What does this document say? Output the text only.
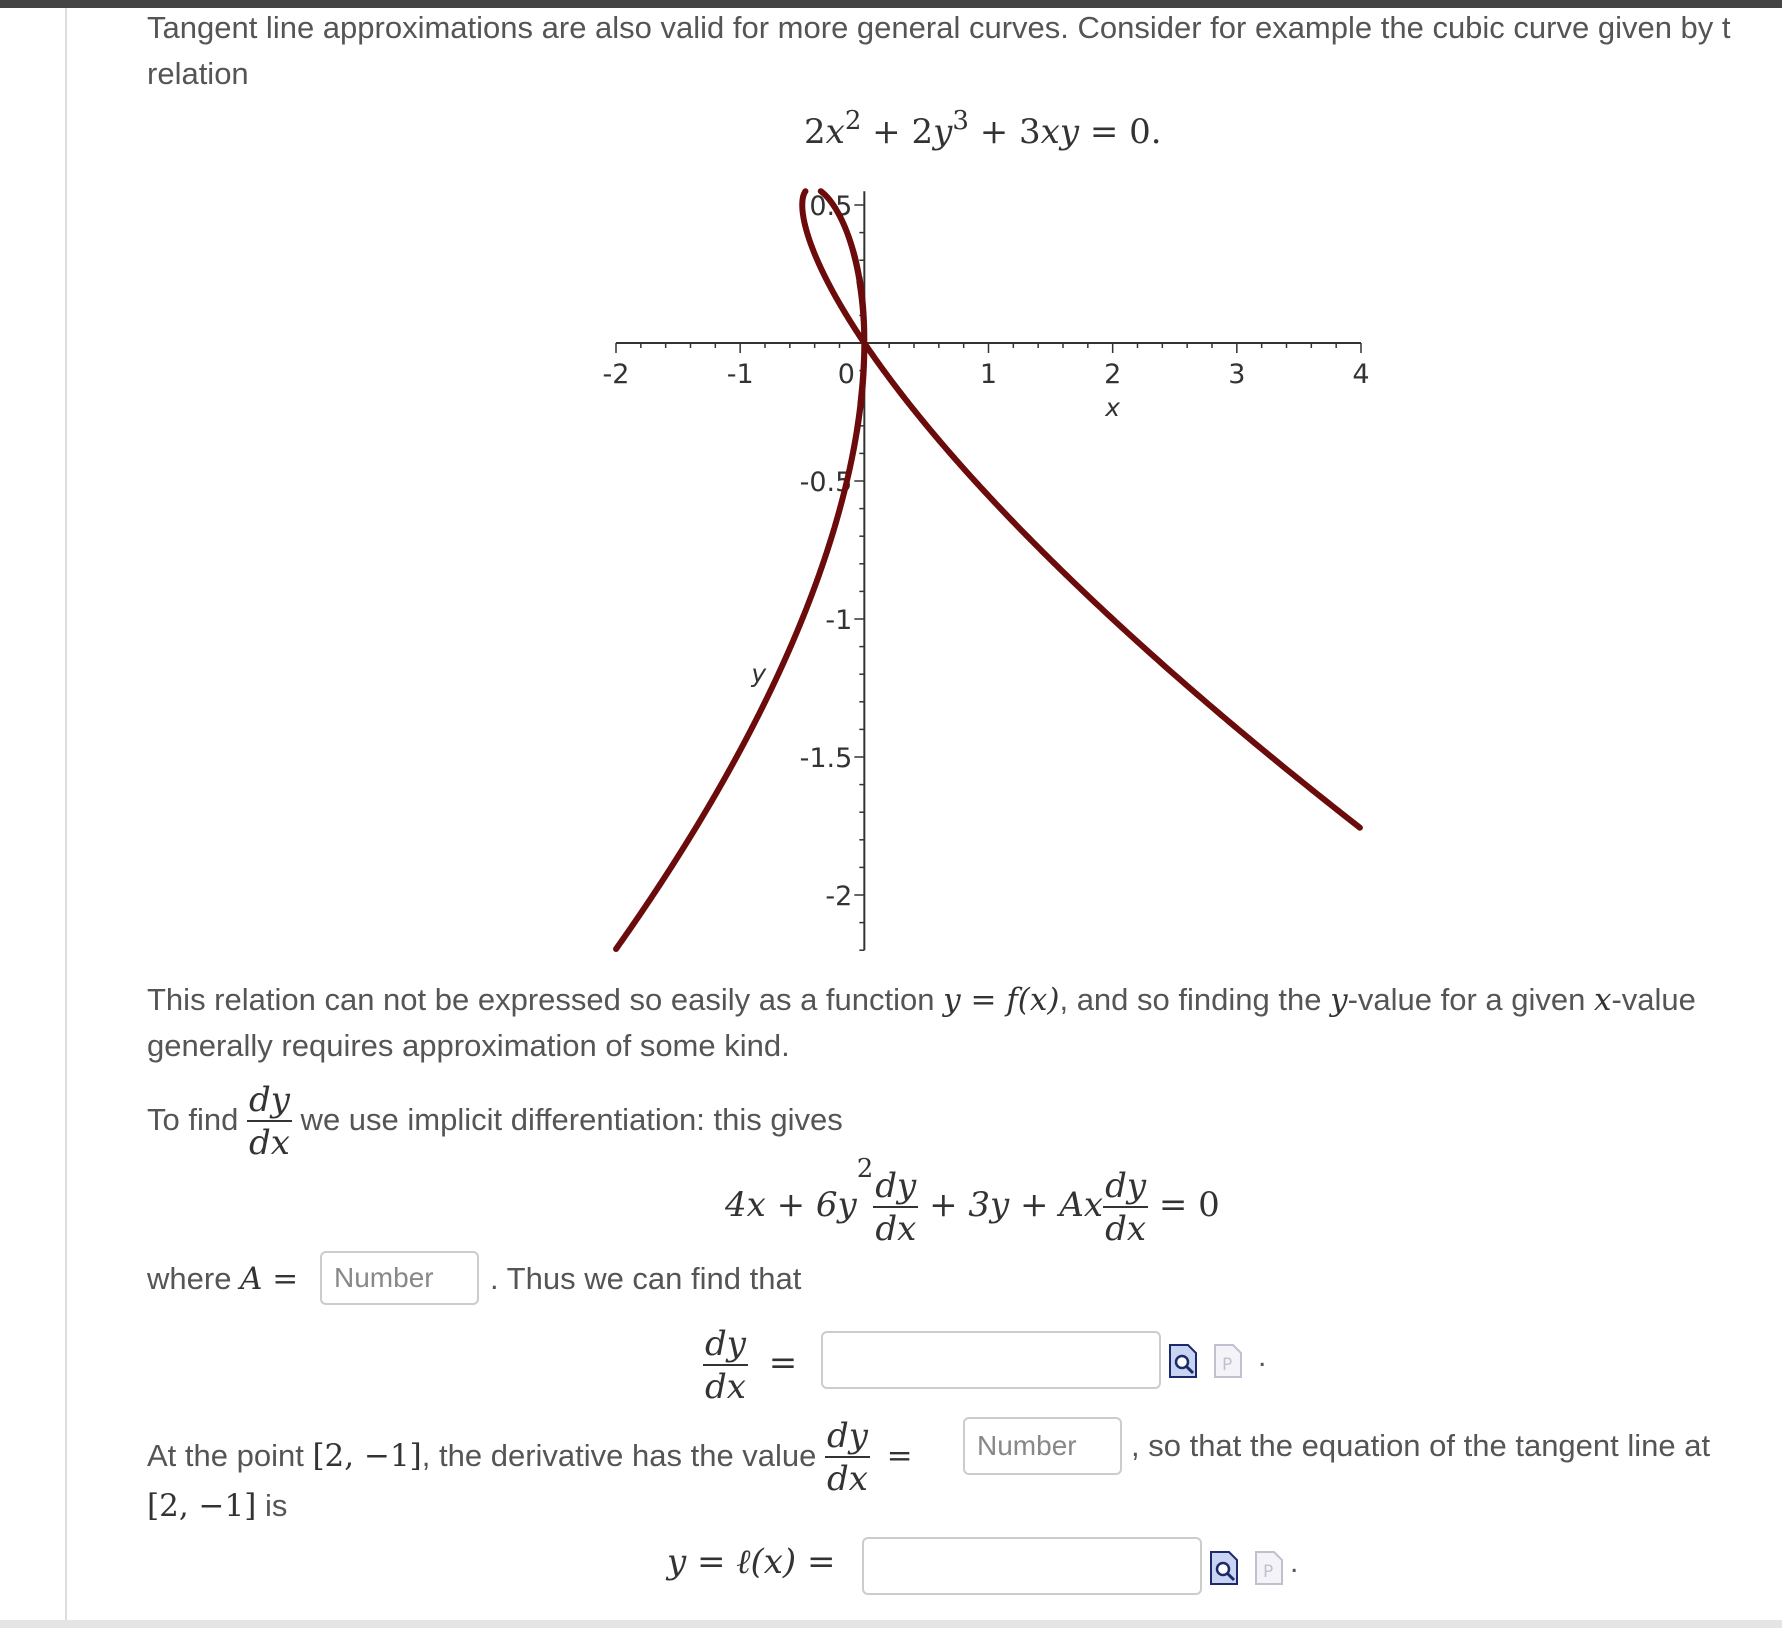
Tangent line approximations are also valid for more general curves. Consider for example the cubic curve given by t
relation
$2x^2 + 2y^3 + 3xy = 0$.
-2	-1	0	1	2	3	4
0.5
-0.5
-1
-1.5
-2
x
y
This relation can not be expressed so easily as a function y = f(x), and so finding the y-value for a given x-value
generally requires approximation of some kind.
To find $\frac{dy}{dx}$ we use implicit differentiation: this gives
$4x + 6y^2 \frac{dy}{dx} + 3y + Ax \frac{dy}{dx} = 0$
where A =
Number	. Thus we can find that
$\frac{dy}{dx}$ =	P .
At the point [2, −1], the derivative has the value $\frac{dy}{dx}$ =
Number	, so that the equation of the tangent line at
[2, −1] is
y = ℓ(x) =	P .
